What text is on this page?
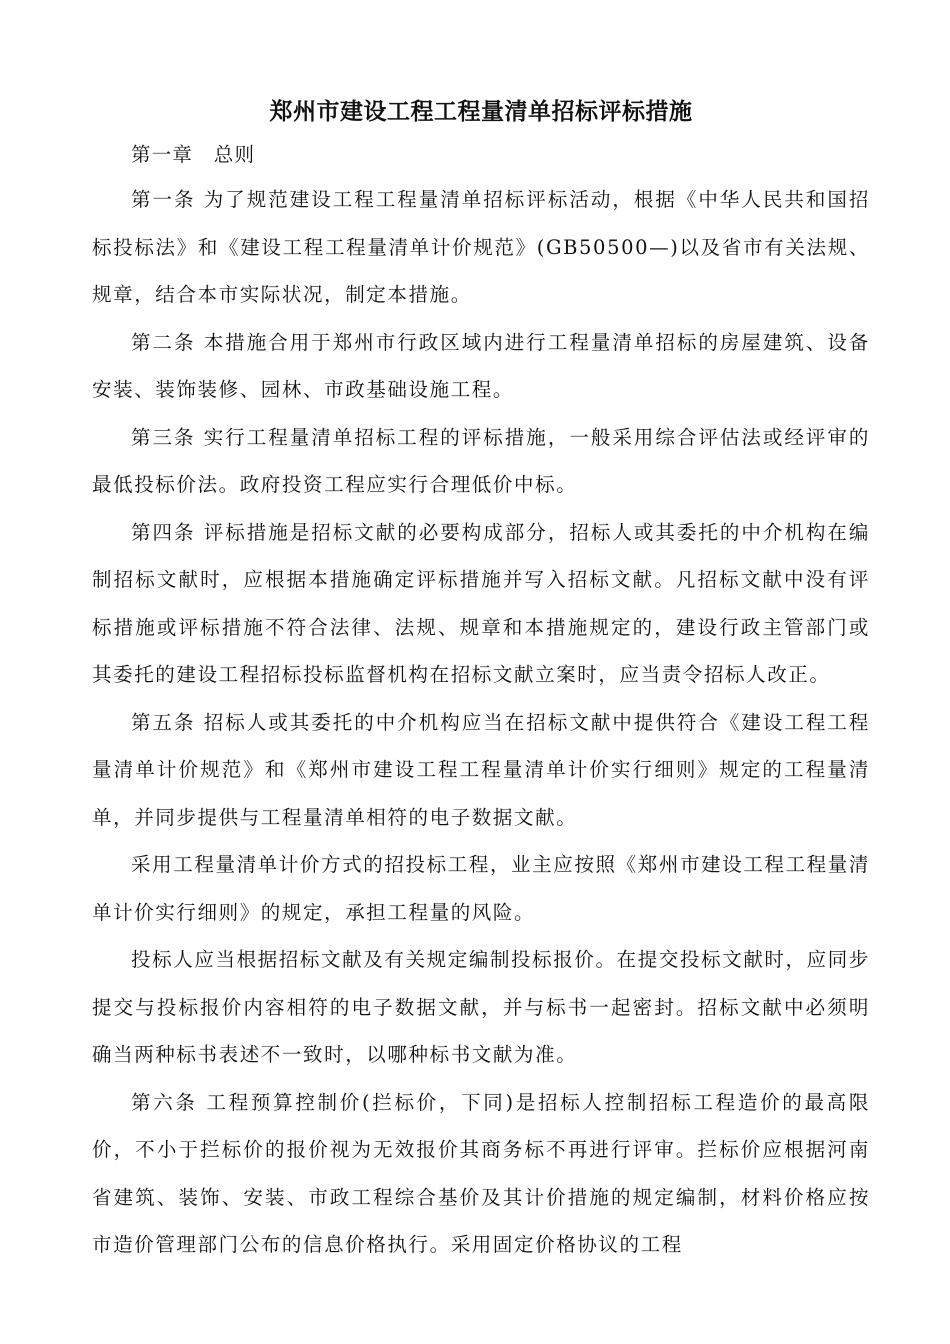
郑州市建设工程工程量清单招标评标措施

第一章　总则

第一条 为了规范建设工程工程量清单招标评标活动，根据《中华人民共和国招标投标法》和《建设工程工程量清单计价规范》(GB50500—)以及省市有关法规、规章，结合本市实际状况，制定本措施。

第二条 本措施合用于郑州市行政区域内进行工程量清单招标的房屋建筑、设备安装、装饰装修、园林、市政基础设施工程。

第三条 实行工程量清单招标工程的评标措施，一般采用综合评估法或经评审的最低投标价法。政府投资工程应实行合理低价中标。

第四条 评标措施是招标文献的必要构成部分，招标人或其委托的中介机构在编制招标文献时，应根据本措施确定评标措施并写入招标文献。凡招标文献中没有评标措施或评标措施不符合法律、法规、规章和本措施规定的，建设行政主管部门或其委托的建设工程招标投标监督机构在招标文献立案时，应当责令招标人改正。

第五条 招标人或其委托的中介机构应当在招标文献中提供符合《建设工程工程量清单计价规范》和《郑州市建设工程工程量清单计价实行细则》规定的工程量清单，并同步提供与工程量清单相符的电子数据文献。

采用工程量清单计价方式的招投标工程，业主应按照《郑州市建设工程工程量清单计价实行细则》的规定，承担工程量的风险。

投标人应当根据招标文献及有关规定编制投标报价。在提交投标文献时，应同步提交与投标报价内容相符的电子数据文献，并与标书一起密封。招标文献中必须明确当两种标书表述不一致时，以哪种标书文献为准。

第六条 工程预算控制价(拦标价，下同)是招标人控制招标工程造价的最高限价，不小于拦标价的报价视为无效报价其商务标不再进行评审。拦标价应根据河南省建筑、装饰、安装、市政工程综合基价及其计价措施的规定编制，材料价格应按市造价管理部门公布的信息价格执行。采用固定价格协议的工程
